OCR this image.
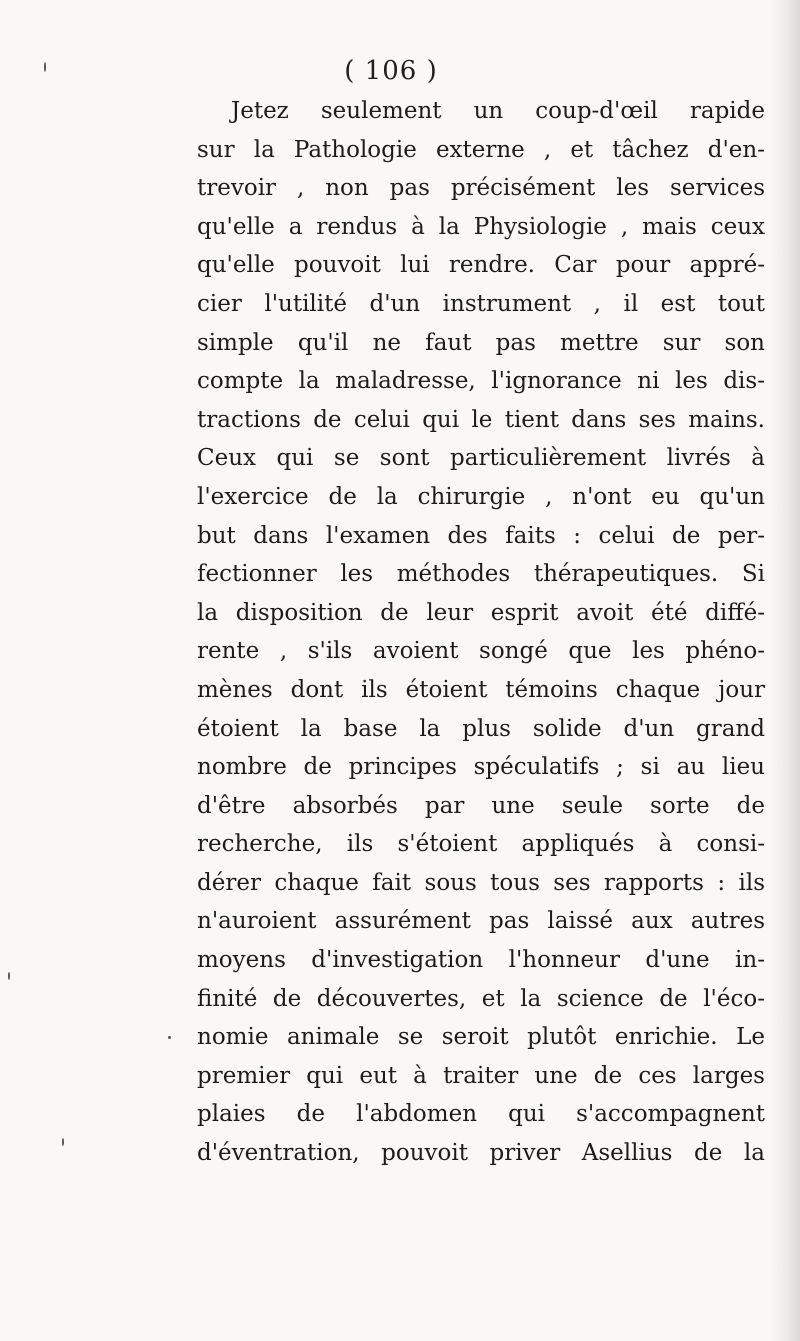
( 106 )
Jetez seulement un coup-d'œil rapide
sur la Pathologie externe , et tâchez d'en-
trevoir , non pas précisément les services
qu'elle a rendus à la Physiologie , mais ceux
qu'elle pouvoit lui rendre. Car pour appré-
cier l'utilité d'un instrument , il est tout
simple qu'il ne faut pas mettre sur son
compte la maladresse, l'ignorance ni les dis-
tractions de celui qui le tient dans ses mains.
Ceux qui se sont particulièrement livrés à
l'exercice de la chirurgie , n'ont eu qu'un
but dans l'examen des faits : celui de per-
fectionner les méthodes thérapeutiques. Si
la disposition de leur esprit avoit été diffé-
rente , s'ils avoient songé que les phéno-
mènes dont ils étoient témoins chaque jour
étoient la base la plus solide d'un grand
nombre de principes spéculatifs ; si au lieu
d'être absorbés par une seule sorte de
recherche, ils s'étoient appliqués à consi-
dérer chaque fait sous tous ses rapports : ils
n'auroient assurément pas laissé aux autres
moyens d'investigation l'honneur d'une in-
finité de découvertes, et la science de l'éco-
nomie animale se seroit plutôt enrichie. Le
premier qui eut à traiter une de ces larges
plaies de l'abdomen qui s'accompagnent
d'éventration, pouvoit priver Asellius de la
